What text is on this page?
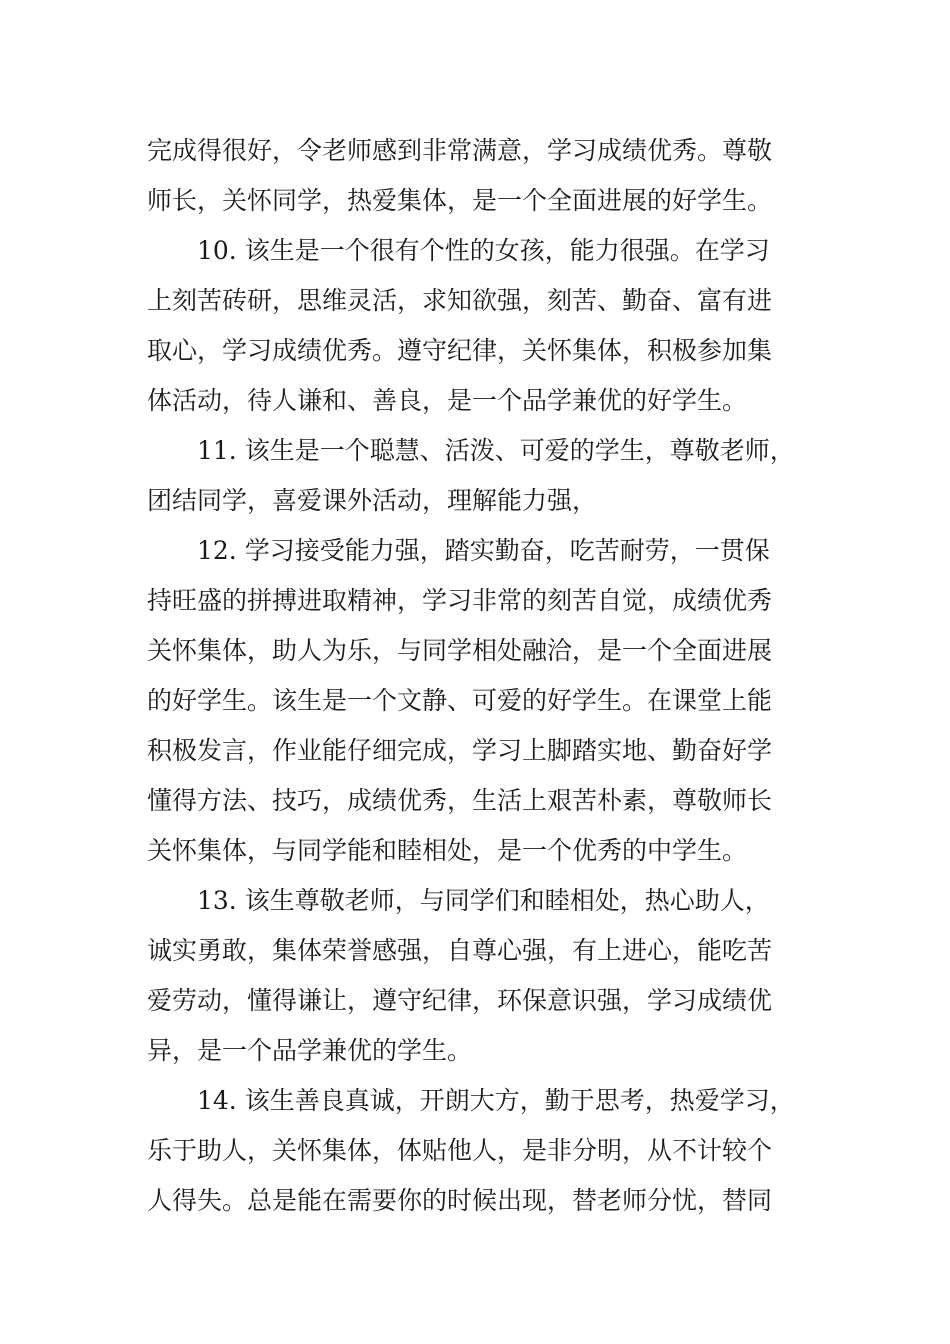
完成得很好，令老师感到非常满意，学习成绩优秀。尊敬
师长，关怀同学，热爱集体，是一个全面进展的好学生。
10. 该生是一个很有个性的女孩，能力很强。在学习
上刻苦砖研，思维灵活，求知欲强，刻苦、勤奋、富有进
取心，学习成绩优秀。遵守纪律，关怀集体，积极参加集
体活动，待人谦和、善良，是一个品学兼优的好学生。
11. 该生是一个聪慧、活泼、可爱的学生，尊敬老师，
团结同学，喜爱课外活动，理解能力强，
12. 学习接受能力强，踏实勤奋，吃苦耐劳，一贯保
持旺盛的拼搏进取精神，学习非常的刻苦自觉，成绩优秀
关怀集体，助人为乐，与同学相处融洽，是一个全面进展
的好学生。该生是一个文静、可爱的好学生。在课堂上能
积极发言，作业能仔细完成，学习上脚踏实地、勤奋好学
懂得方法、技巧，成绩优秀，生活上艰苦朴素，尊敬师长
关怀集体，与同学能和睦相处，是一个优秀的中学生。
13. 该生尊敬老师，与同学们和睦相处，热心助人，
诚实勇敢，集体荣誉感强，自尊心强，有上进心，能吃苦
爱劳动，懂得谦让，遵守纪律，环保意识强，学习成绩优
异，是一个品学兼优的学生。
14. 该生善良真诚，开朗大方，勤于思考，热爱学习，
乐于助人，关怀集体，体贴他人，是非分明，从不计较个
人得失。总是能在需要你的时候出现，替老师分忧，替同
